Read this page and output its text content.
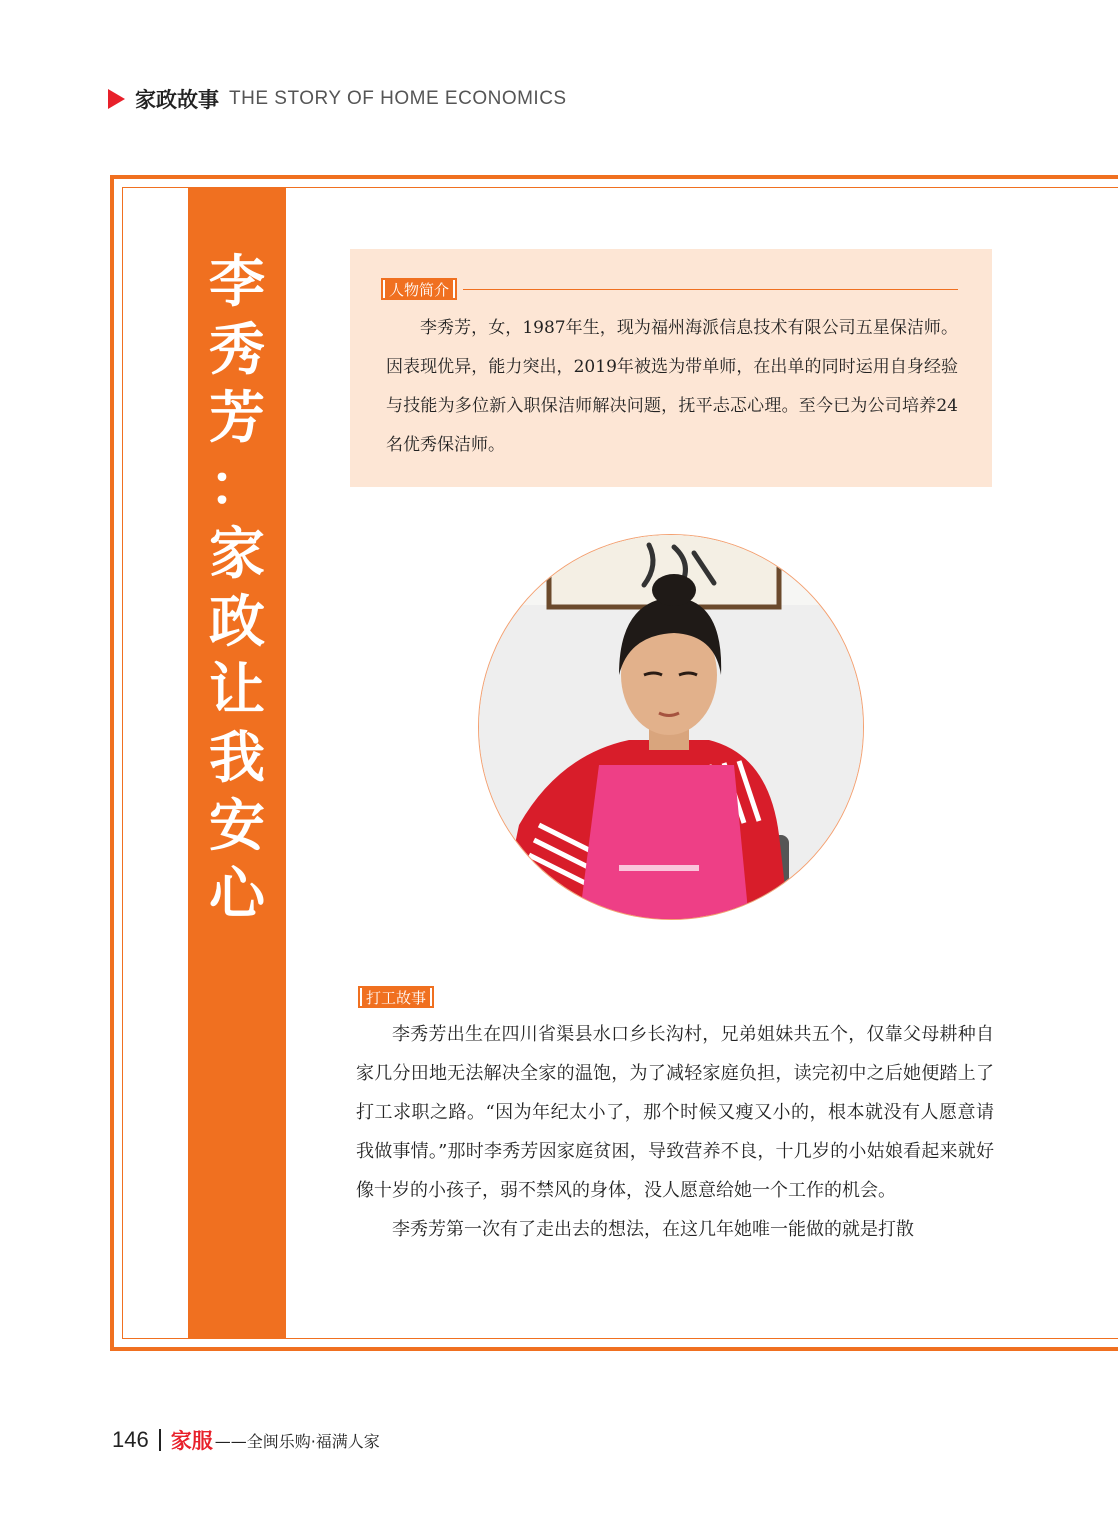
家政故事 THE STORY OF HOME ECONOMICS
李
秀
芳
：
家
政
让
我
安
心
人物简介
李秀芳，女，1987年生，现为福州海派信息技术有限公司五星保洁师。因表现优异，能力突出，2019年被选为带单师，在出单的同时运用自身经验与技能为多位新入职保洁师解决问题，抚平忐忑心理。至今已为公司培养24名优秀保洁师。
打工故事

李秀芳出生在四川省渠县水口乡长沟村，兄弟姐妹共五个，仅靠父母耕种自家几分田地无法解决全家的温饱，为了减轻家庭负担，读完初中之后她便踏上了打工求职之路。“因为年纪太小了，那个时候又瘦又小的，根本就没有人愿意请我做事情。”那时李秀芳因家庭贫困，导致营养不良，十几岁的小姑娘看起来就好像十岁的小孩子，弱不禁风的身体，没人愿意给她一个工作的机会。

李秀芳第一次有了走出去的想法，在这几年她唯一能做的就是打散

146 家服 ——全闽乐购·福满人家
